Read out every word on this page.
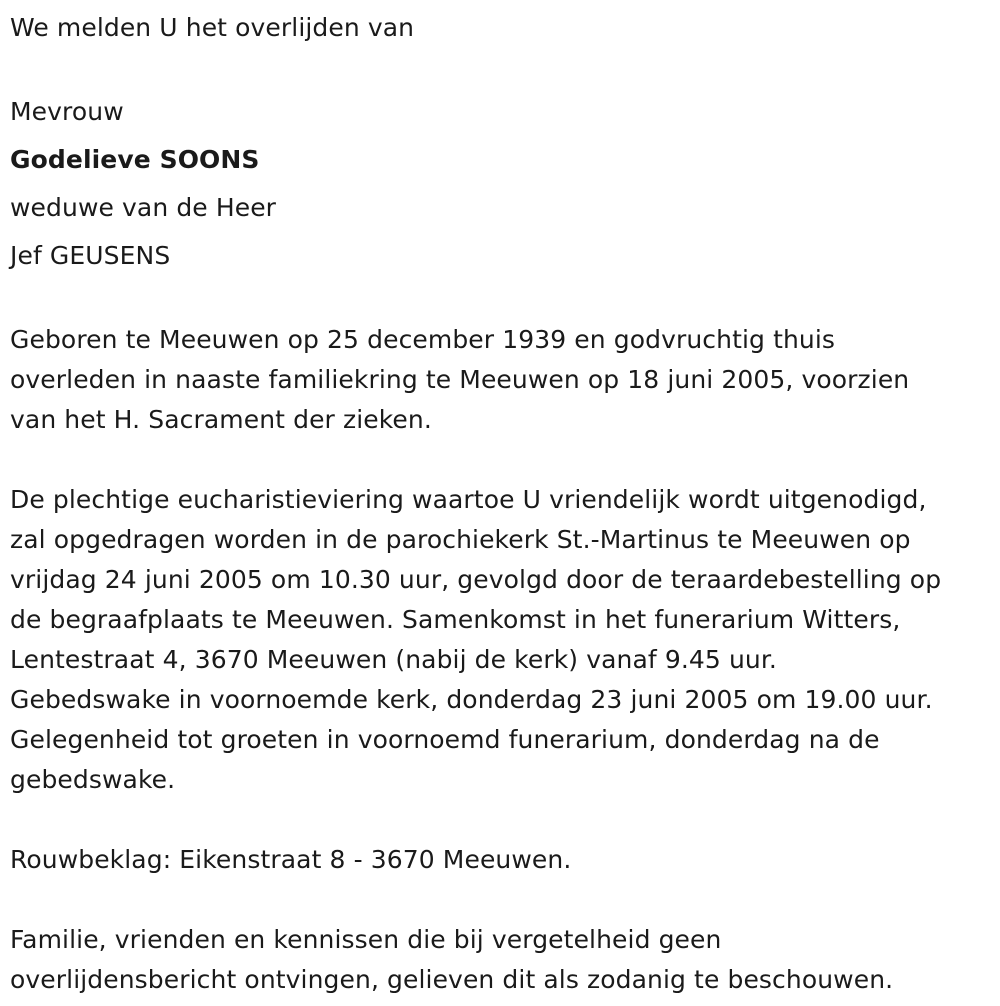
We melden U het overlijden van

Mevrouw

Godelieve SOONS

weduwe van de Heer

Jef GEUSENS

Geboren te Meeuwen op 25 december 1939 en godvruchtig thuis

overleden in naaste familiekring te Meeuwen op 18 juni 2005, voorzien

van het H. Sacrament der zieken.

De plechtige eucharistieviering waartoe U vriendelijk wordt uitgenodigd,

zal opgedragen worden in de parochiekerk St.-Martinus te Meeuwen op

vrijdag 24 juni 2005 om 10.30 uur, gevolgd door de teraardebestelling op

de begraafplaats te Meeuwen. Samenkomst in het funerarium Witters,

Lentestraat 4, 3670 Meeuwen (nabij de kerk) vanaf 9.45 uur.

Gebedswake in voornoemde kerk, donderdag 23 juni 2005 om 19.00 uur.

Gelegenheid tot groeten in voornoemd funerarium, donderdag na de

gebedswake.

Rouwbeklag: Eikenstraat 8 - 3670 Meeuwen.

Familie, vrienden en kennissen die bij vergetelheid geen

overlijdensbericht ontvingen, gelieven dit als zodanig te beschouwen.
